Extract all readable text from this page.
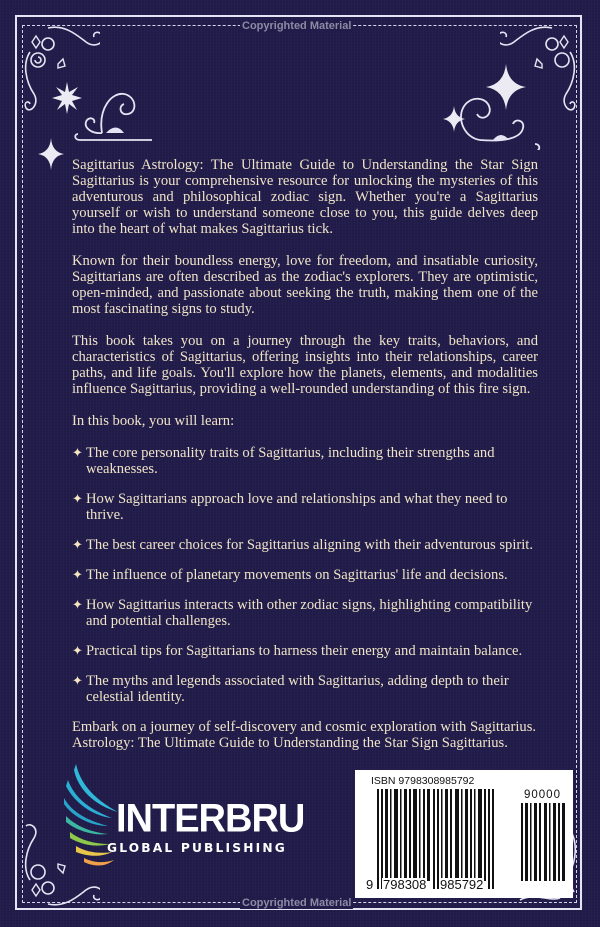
Copyrighted Material

Sagittarius Astrology: The Ultimate Guide to Understanding the Star Sign Sagittarius is your comprehensive resource for unlocking the mysteries of this adventurous and philosophical zodiac sign. Whether you're a Sagittarius yourself or wish to understand someone close to you, this guide delves deep into the heart of what makes Sagittarius tick.

Known for their boundless energy, love for freedom, and insatiable curiosity, Sagittarians are often described as the zodiac's explorers. They are optimistic, open-minded, and passionate about seeking the truth, making them one of the most fascinating signs to study.

This book takes you on a journey through the key traits, behaviors, and characteristics of Sagittarius, offering insights into their relationships, career paths, and life goals. You'll explore how the planets, elements, and modalities influence Sagittarius, providing a well-rounded understanding of this fire sign.

In this book, you will learn:

✦ The core personality traits of Sagittarius, including their strengths and weaknesses.
✦ How Sagittarians approach love and relationships and what they need to thrive.
✦ The best career choices for Sagittarius aligning with their adventurous spirit.
✦ The influence of planetary movements on Sagittarius' life and decisions.
✦ How Sagittarius interacts with other zodiac signs, highlighting compatibility and potential challenges.
✦ Practical tips for Sagittarians to harness their energy and maintain balance.
✦ The myths and legends associated with Sagittarius, adding depth to their celestial identity.

Embark on a journey of self-discovery and cosmic exploration with Sagittarius. Astrology: The Ultimate Guide to Understanding the Star Sign Sagittarius.

INTERBRU
GLOBAL PUBLISHING
ISBN 9798308985792
90000
9 798308 985792
Copyrighted Material
